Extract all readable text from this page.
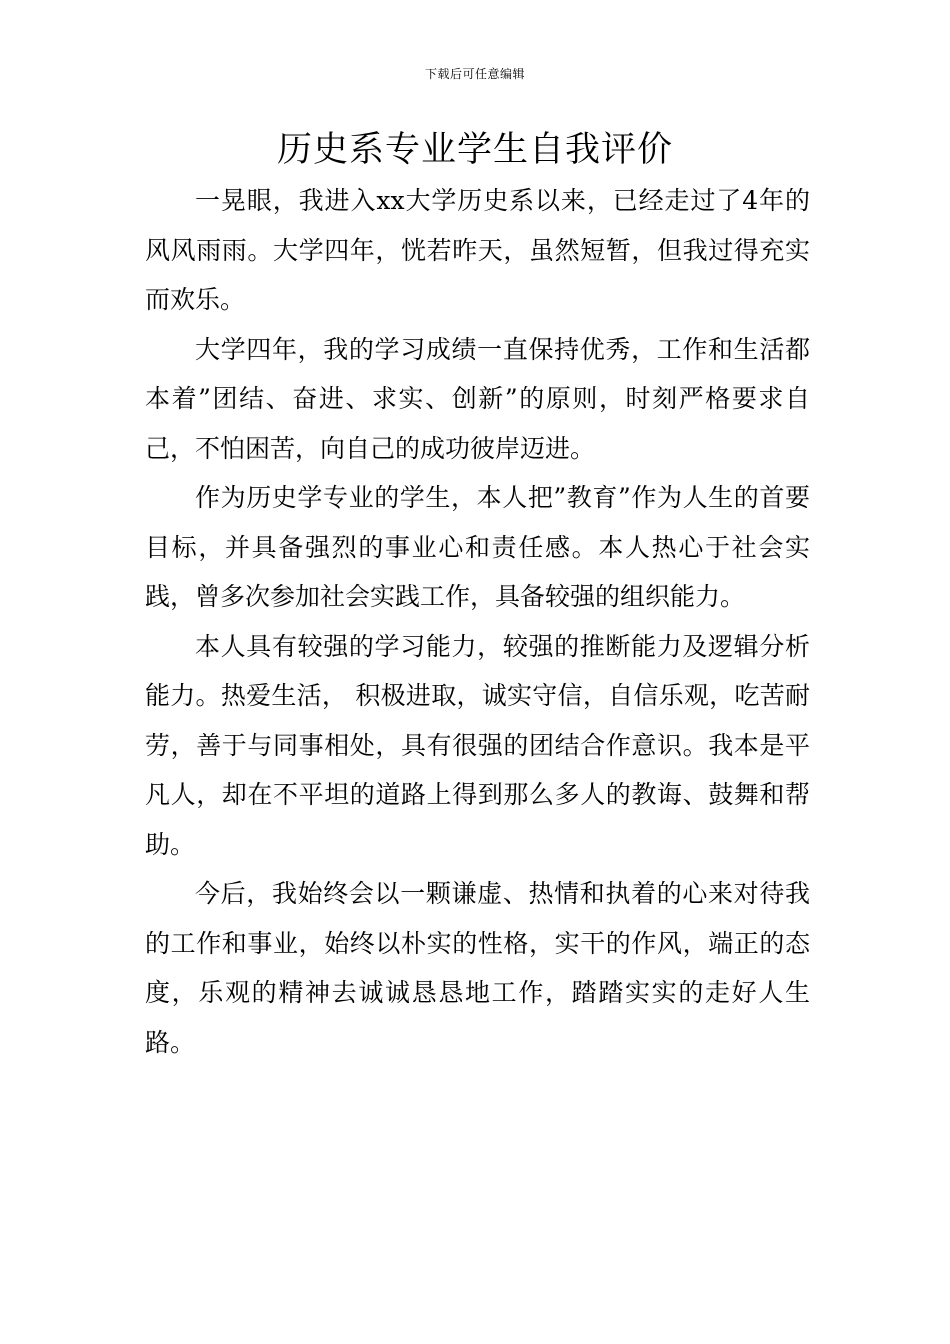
下载后可任意编辑
历史系专业学生自我评价

一晃眼，我进入xx大学历史系以来，已经走过了4年的风风雨雨。大学四年，恍若昨天，虽然短暂，但我过得充实而欢乐。

大学四年，我的学习成绩一直保持优秀，工作和生活都本着”团结、奋进、求实、创新”的原则，时刻严格要求自己，不怕困苦，向自己的成功彼岸迈进。

作为历史学专业的学生，本人把”教育”作为人生的首要目标，并具备强烈的事业心和责任感。本人热心于社会实践，曾多次参加社会实践工作，具备较强的组织能力。

本人具有较强的学习能力，较强的推断能力及逻辑分析能力。热爱生活， 积极进取，诚实守信，自信乐观，吃苦耐劳，善于与同事相处，具有很强的团结合作意识。我本是平凡人，却在不平坦的道路上得到那么多人的教诲、鼓舞和帮助。

今后，我始终会以一颗谦虚、热情和执着的心来对待我的工作和事业，始终以朴实的性格，实干的作风，端正的态度，乐观的精神去诚诚恳恳地工作，踏踏实实的走好人生路。
